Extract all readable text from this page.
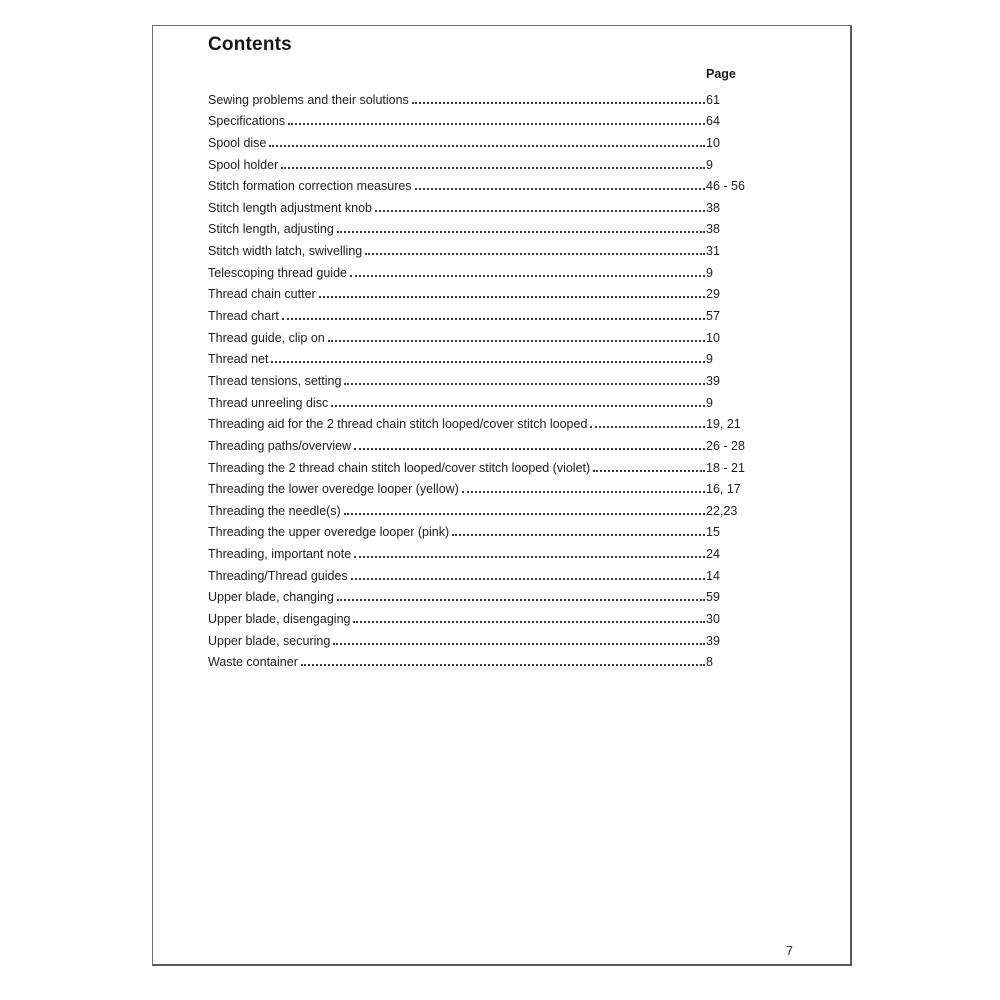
Contents
Page
Sewing problems and their solutions	61
Specifications	64
Spool dise	10
Spool holder	9
Stitch formation correction measures	46 - 56
Stitch length adjustment knob	38
Stitch length, adjusting	38
Stitch width latch, swivelling	31
Telescoping thread guide	9
Thread chain cutter	29
Thread chart	57
Thread guide, clip on	10
Thread net	9
Thread tensions, setting	39
Thread unreeling disc	9
Threading aid for the 2 thread chain stitch looped/cover stitch looped	19, 21
Threading paths/overview	26 - 28
Threading the 2 thread chain stitch looped/cover stitch looped (violet)	18 - 21
Threading the lower overedge looper (yellow)	16, 17
Threading the needle(s)	22,23
Threading the upper overedge looper (pink)	15
Threading, important note	24
Threading/Thread guides	14
Upper blade, changing	59
Upper blade, disengaging	30
Upper blade, securing	39
Waste container	8
7
